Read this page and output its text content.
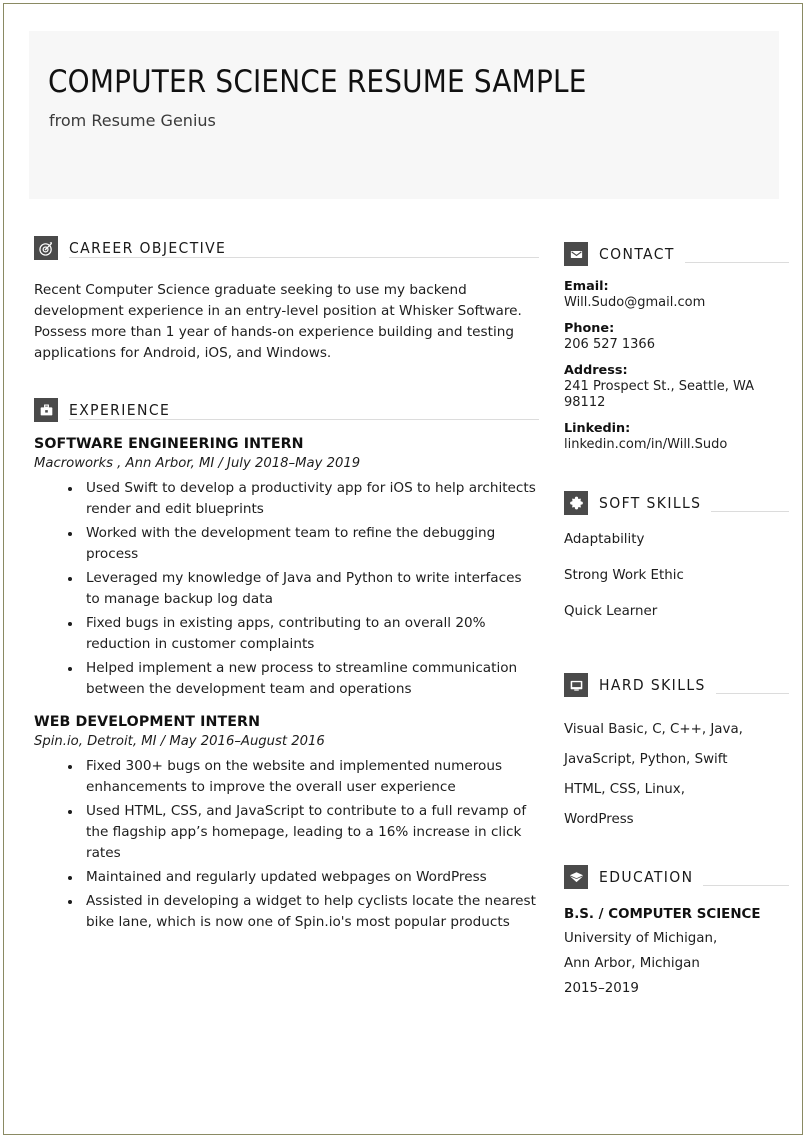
COMPUTER SCIENCE RESUME SAMPLE
from Resume Genius
CAREER OBJECTIVE
Recent Computer Science graduate seeking to use my backend development experience in an entry-level position at Whisker Software. Possess more than 1 year of hands-on experience building and testing applications for Android, iOS, and Windows.
EXPERIENCE
SOFTWARE ENGINEERING INTERN
Macroworks , Ann Arbor, MI / July 2018–May 2019
• Used Swift to develop a productivity app for iOS to help architects render and edit blueprints
• Worked with the development team to refine the debugging process
• Leveraged my knowledge of Java and Python to write interfaces to manage backup log data
• Fixed bugs in existing apps, contributing to an overall 20% reduction in customer complaints
• Helped implement a new process to streamline communication between the development team and operations
WEB DEVELOPMENT INTERN
Spin.io, Detroit, MI / May 2016–August 2016
• Fixed 300+ bugs on the website and implemented numerous enhancements to improve the overall user experience
• Used HTML, CSS, and JavaScript to contribute to a full revamp of the flagship app’s homepage, leading to a 16% increase in click rates
• Maintained and regularly updated webpages on WordPress
• Assisted in developing a widget to help cyclists locate the nearest bike lane, which is now one of Spin.io's most popular products
CONTACT
Email:
Will.Sudo@gmail.com
Phone:
206 527 1366
Address:
241 Prospect St., Seattle, WA 98112
Linkedin:
linkedin.com/in/Will.Sudo
SOFT SKILLS
Adaptability
Strong Work Ethic
Quick Learner
HARD SKILLS
Visual Basic, C, C++, Java,
JavaScript, Python, Swift
HTML, CSS, Linux,
WordPress
EDUCATION
B.S. / COMPUTER SCIENCE
University of Michigan,
Ann Arbor, Michigan
2015–2019
